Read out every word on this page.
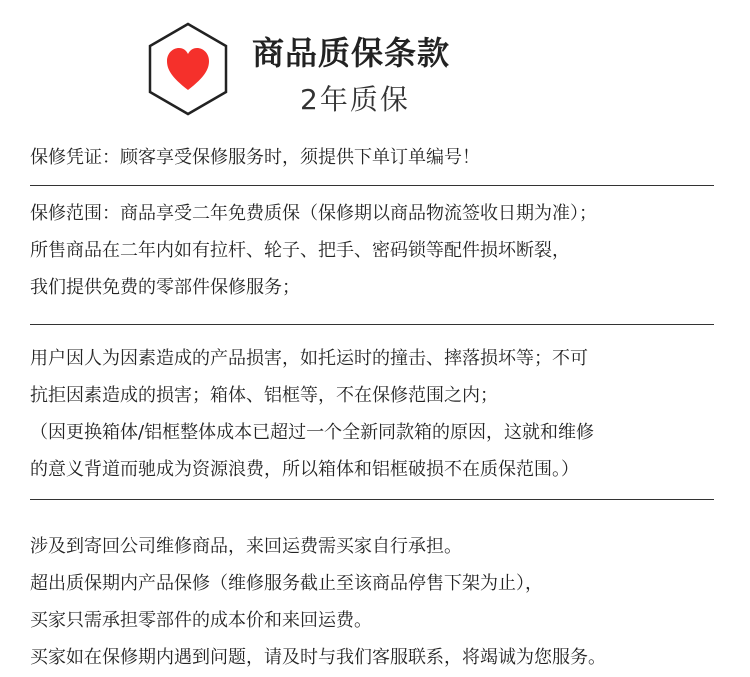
商品质保条款
2年质保
保修凭证：顾客享受保修服务时，须提供下单订单编号！
保修范围：商品享受二年免费质保（保修期以商品物流签收日期为准）；
所售商品在二年内如有拉杆、轮子、把手、密码锁等配件损坏断裂，
我们提供免费的零部件保修服务；
用户因人为因素造成的产品损害，如托运时的撞击、摔落损坏等；不可
抗拒因素造成的损害；箱体、铝框等，不在保修范围之内；
（因更换箱体/铝框整体成本已超过一个全新同款箱的原因，这就和维修
的意义背道而驰成为资源浪费，所以箱体和铝框破损不在质保范围。）
涉及到寄回公司维修商品，来回运费需买家自行承担。
超出质保期内产品保修（维修服务截止至该商品停售下架为止），
买家只需承担零部件的成本价和来回运费。
买家如在保修期内遇到问题，请及时与我们客服联系，将竭诚为您服务。
